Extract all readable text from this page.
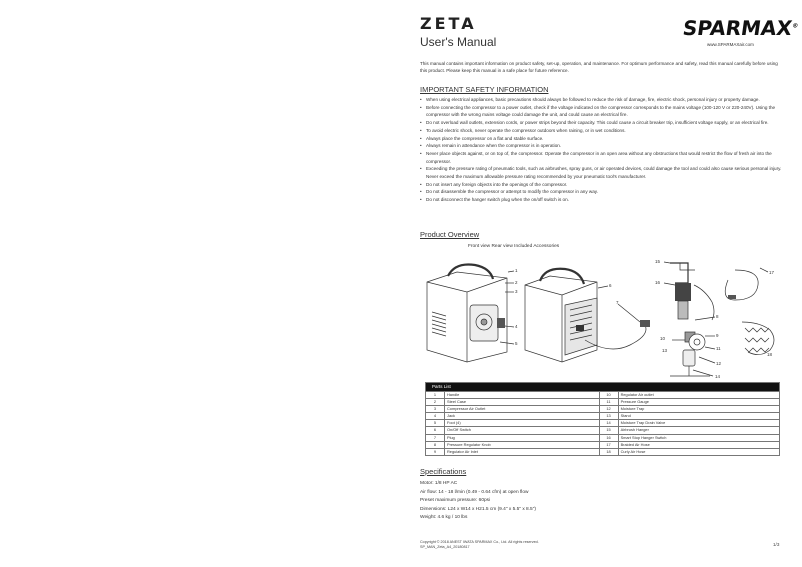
ZETA
User's Manual
SPARMAX®
www.SPARMAXair.com
This manual contains important information on product safety, set-up, operation, and maintenance. For optimum performance and safety, read this manual carefully before using this product. Please keep this manual in a safe place for future reference.
IMPORTANT SAFETY INFORMATION
• When using electrical appliances, basic precautions should always be followed to reduce the risk of damage, fire, electric shock, personal injury or property damage.
• Before connecting the compressor to a power outlet, check if the voltage indicated on the compressor corresponds to the mains voltage (100-120 V or 220-240V). Using the compressor with the wrong mains voltage could damage the unit, and could cause an electrical fire.
• Do not overload wall outlets, extension cords, or power strips beyond their capacity. This could cause a circuit breaker trip, insufficient voltage supply, or an electrical fire.
• To avoid electric shock, never operate the compressor outdoors when raining, or in wet conditions.
• Always place the compressor on a flat and stable surface.
• Always remain in attendance when the compressor is in operation.
• Never place objects against, or on top of, the compressor. Operate the compressor in an open area without any obstructions that would restrict the flow of fresh air into the compressor.
• Exceeding the pressure rating of pneumatic tools, such as airbrushes, spray guns, or air operated devices, could damage the tool and could also cause serious personal injury. Never exceed the maximum allowable pressure rating recommended by your pneumatic tool's manufacturer.
• Do not insert any foreign objects into the openings of the compressor.
• Do not disassemble the compressor or attempt to modify the compressor in any way.
• Do not disconnect the hanger switch plug when the on/off switch is on.
Product Overview
Front view Rear view Included Accessories
1
2
3
4
5
6
7
8
9
10
11
12
13
14
15
16
17
18
Parts List			
1	Handle	10	Regulator Air outlet
2	Steel Case	11	Pressure Gauge
3	Compressor Air Outlet	12	Moisture Trap
4	Jack	13	Stand
5	Foot (4)	14	Moisture Trap Drain Valve
6	On/Off Switch	15	Airbrush Hanger
7	Plug	16	Smart Stop Hanger Switch
8	Pressure Regulator Knob	17	Braided Air Hose
9	Regulator Air Inlet	18	Curly Air Hose
Specifications
Motor: 1/8 HP AC
Air flow: 14 - 18 l/min (0.49 - 0.64 cfm) at open flow
Preset maximum pressure: 60psi
Dimensions: L24 x W14 x H21.5 cm (9.4" x 5.5" x 8.5")
Weight: 4.6 kg / 10 lbs
Copyright © 2018 ANEST IWATA SPARMAX Co., Ltd. All rights reserved.
SP_MAN_Zeta_A4_20180817	1/3
